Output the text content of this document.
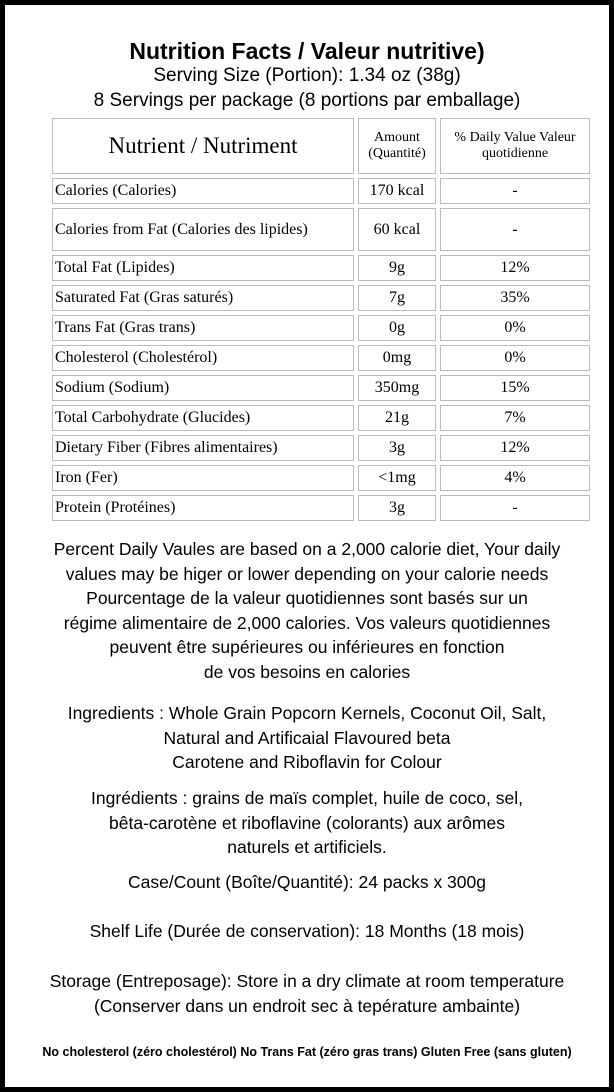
Nutrition Facts / Valeur nutritive)
Serving Size (Portion): 1.34 oz (38g)
8 Servings per package (8 portions par emballage)
Nutrient / Nutriment	Amount (Quantité)	% Daily Value Valeur quotidienne
Calories (Calories)	170 kcal	-
Calories from Fat (Calories des lipides)	60 kcal	-
Total Fat (Lipides)	9g	12%
Saturated Fat (Gras saturés)	7g	35%
Trans Fat (Gras trans)	0g	0%
Cholesterol (Cholestérol)	0mg	0%
Sodium (Sodium)	350mg	15%
Total Carbohydrate (Glucides)	21g	7%
Dietary Fiber (Fibres alimentaires)	3g	12%
Iron (Fer)	<1mg	4%
Protein (Protéines)	3g	-
Percent Daily Vaules are based on a 2,000 calorie diet, Your daily
values may be higer or lower depending on your calorie needs
Pourcentage de la valeur quotidiennes sont basés sur un
régime alimentaire de 2,000 calories. Vos valeurs quotidiennes
peuvent être supérieures ou inférieures en fonction
de vos besoins en calories
Ingredients : Whole Grain Popcorn Kernels, Coconut Oil, Salt,
Natural and Artificaial Flavoured beta
Carotene and Riboflavin for Colour
Ingrédients : grains de maïs complet, huile de coco, sel,
bêta-carotène et riboflavine (colorants) aux arômes
naturels et artificiels.
Case/Count (Boîte/Quantité): 24 packs x 300g
Shelf Life (Durée de conservation): 18 Months (18 mois)
Storage (Entreposage): Store in a dry climate at room temperature
(Conserver dans un endroit sec à tepérature ambainte)
No cholesterol (zéro cholestérol) No Trans Fat (zéro gras trans) Gluten Free (sans gluten)
